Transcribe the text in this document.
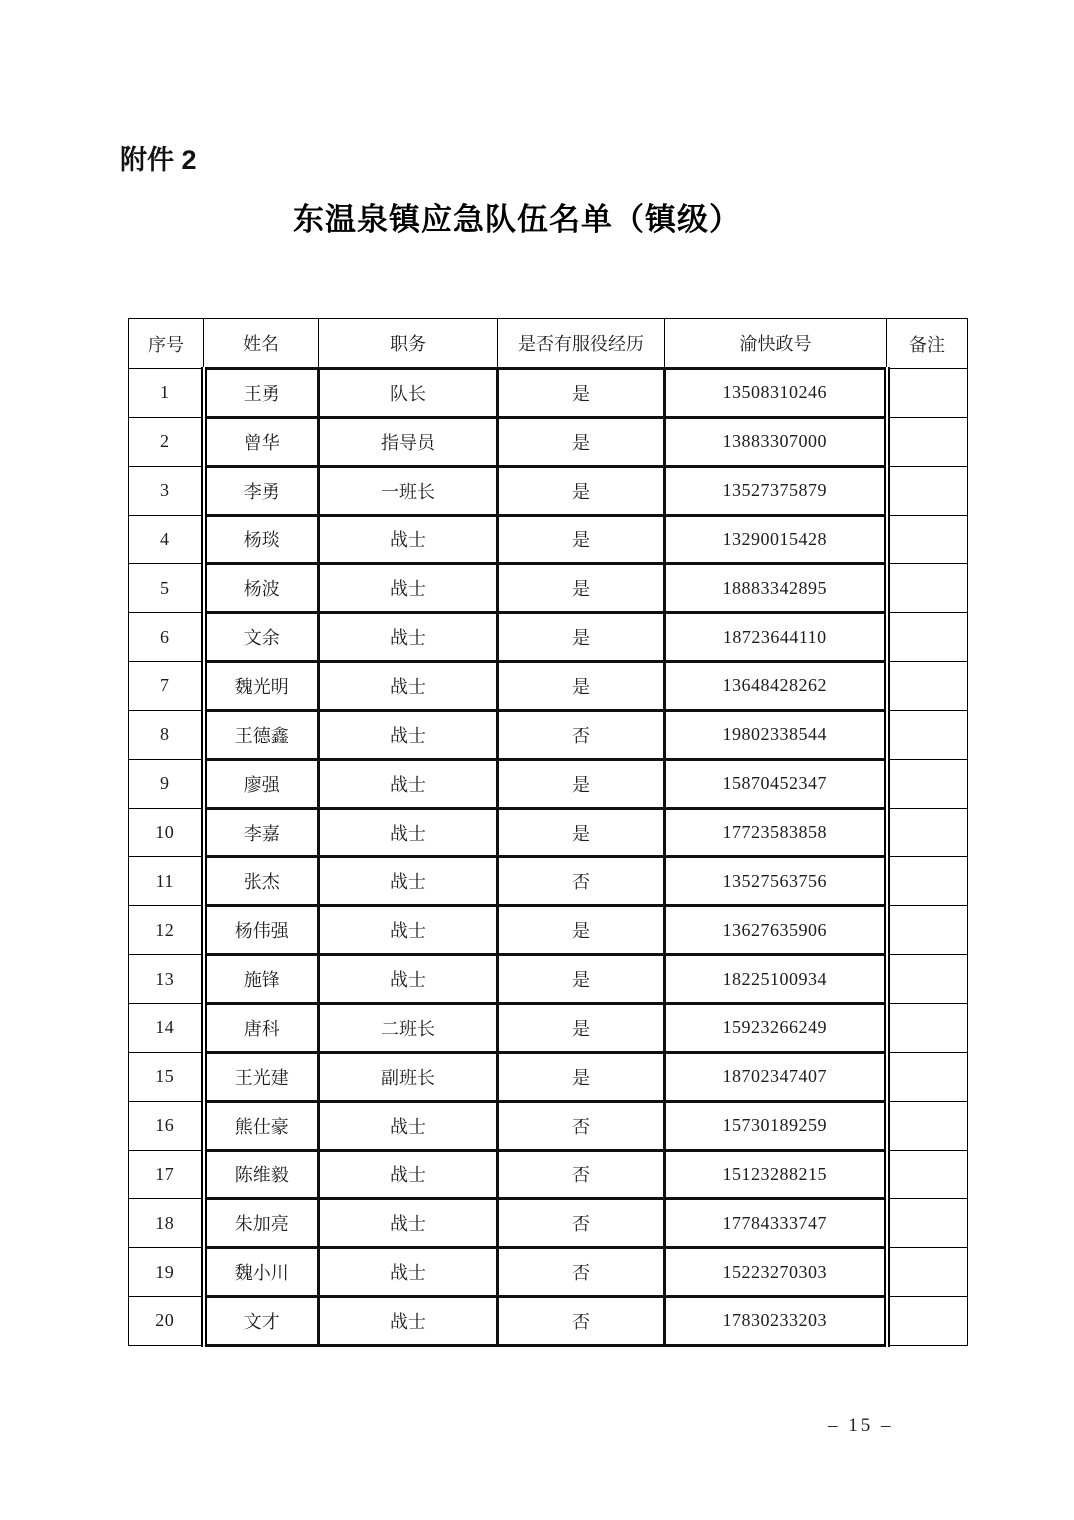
附件 2
东温泉镇应急队伍名单（镇级）
序号	姓名	职务	是否有服役经历	渝快政号	备注
1	王勇	队长	是	13508310246	
2	曾华	指导员	是	13883307000	
3	李勇	一班长	是	13527375879	
4	杨琰	战士	是	13290015428	
5	杨波	战士	是	18883342895	
6	文余	战士	是	18723644110	
7	魏光明	战士	是	13648428262	
8	王德鑫	战士	否	19802338544	
9	廖强	战士	是	15870452347	
10	李嘉	战士	是	17723583858	
11	张杰	战士	否	13527563756	
12	杨伟强	战士	是	13627635906	
13	施锋	战士	是	18225100934	
14	唐科	二班长	是	15923266249	
15	王光建	副班长	是	18702347407	
16	熊仕豪	战士	否	15730189259	
17	陈维毅	战士	否	15123288215	
18	朱加亮	战士	否	17784333747	
19	魏小川	战士	否	15223270303	
20	文才	战士	否	17830233203	
– 15 –
